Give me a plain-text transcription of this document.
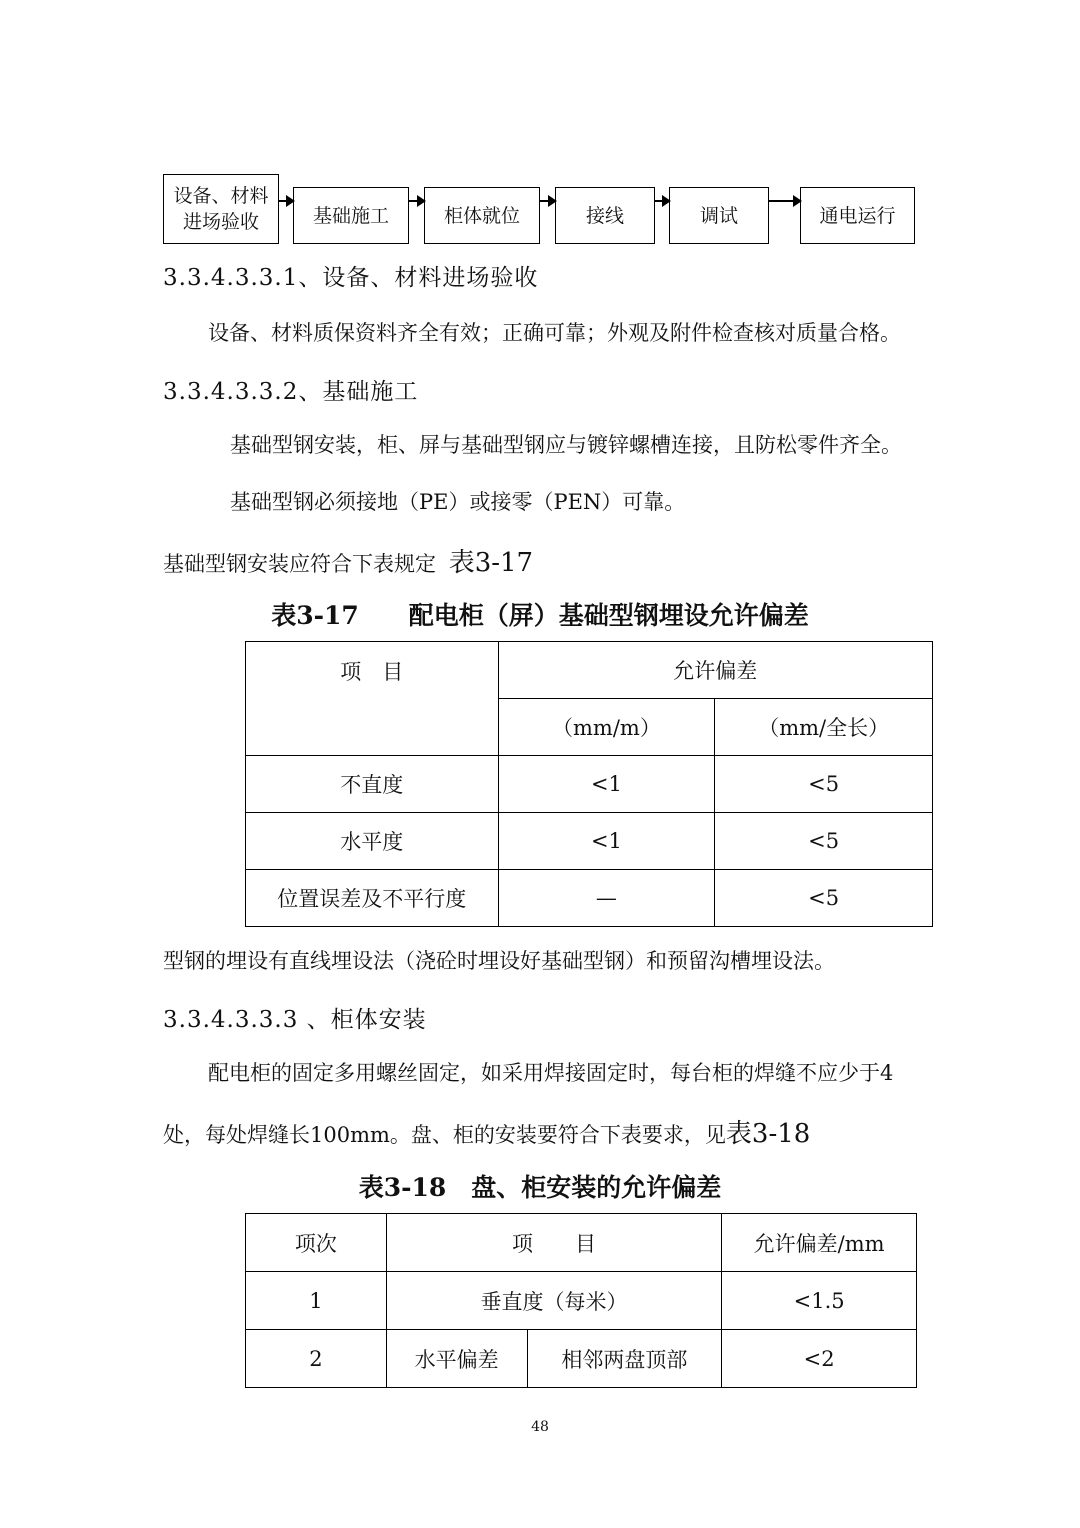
设备、材料
进场验收	基础施工	柜体就位	接线	调试	通电运行
3.3.4.3.3.1、设备、材料进场验收
设备、材料质保资料齐全有效；正确可靠；外观及附件检查核对质量合格。
3.3.4.3.3.2、基础施工
基础型钢安装，柜、屏与基础型钢应与镀锌螺槽连接，且防松零件齐全。
基础型钢必须接地（PE）或接零（PEN）可靠。
基础型钢安装应符合下表规定 表3-17
表3-17　　配电柜（屏）基础型钢埋设允许偏差
项　目	允许偏差	
	（mm/m）	（mm/全长）
不直度	<1	<5
水平度	<1	<5
位置误差及不平行度	—	<5
型钢的埋设有直线埋设法（浇砼时埋设好基础型钢）和预留沟槽埋设法。
3.3.4.3.3.3 、柜体安装
配电柜的固定多用螺丝固定，如采用焊接固定时，每台柜的焊缝不应少于4
处，每处焊缝长100mm。盘、柜的安装要符合下表要求，见表3-18
表3-18　盘、柜安装的允许偏差
项次	项　　目		允许偏差/mm
1	垂直度（每米）		<1.5
2	水平偏差	相邻两盘顶部	<2
48
